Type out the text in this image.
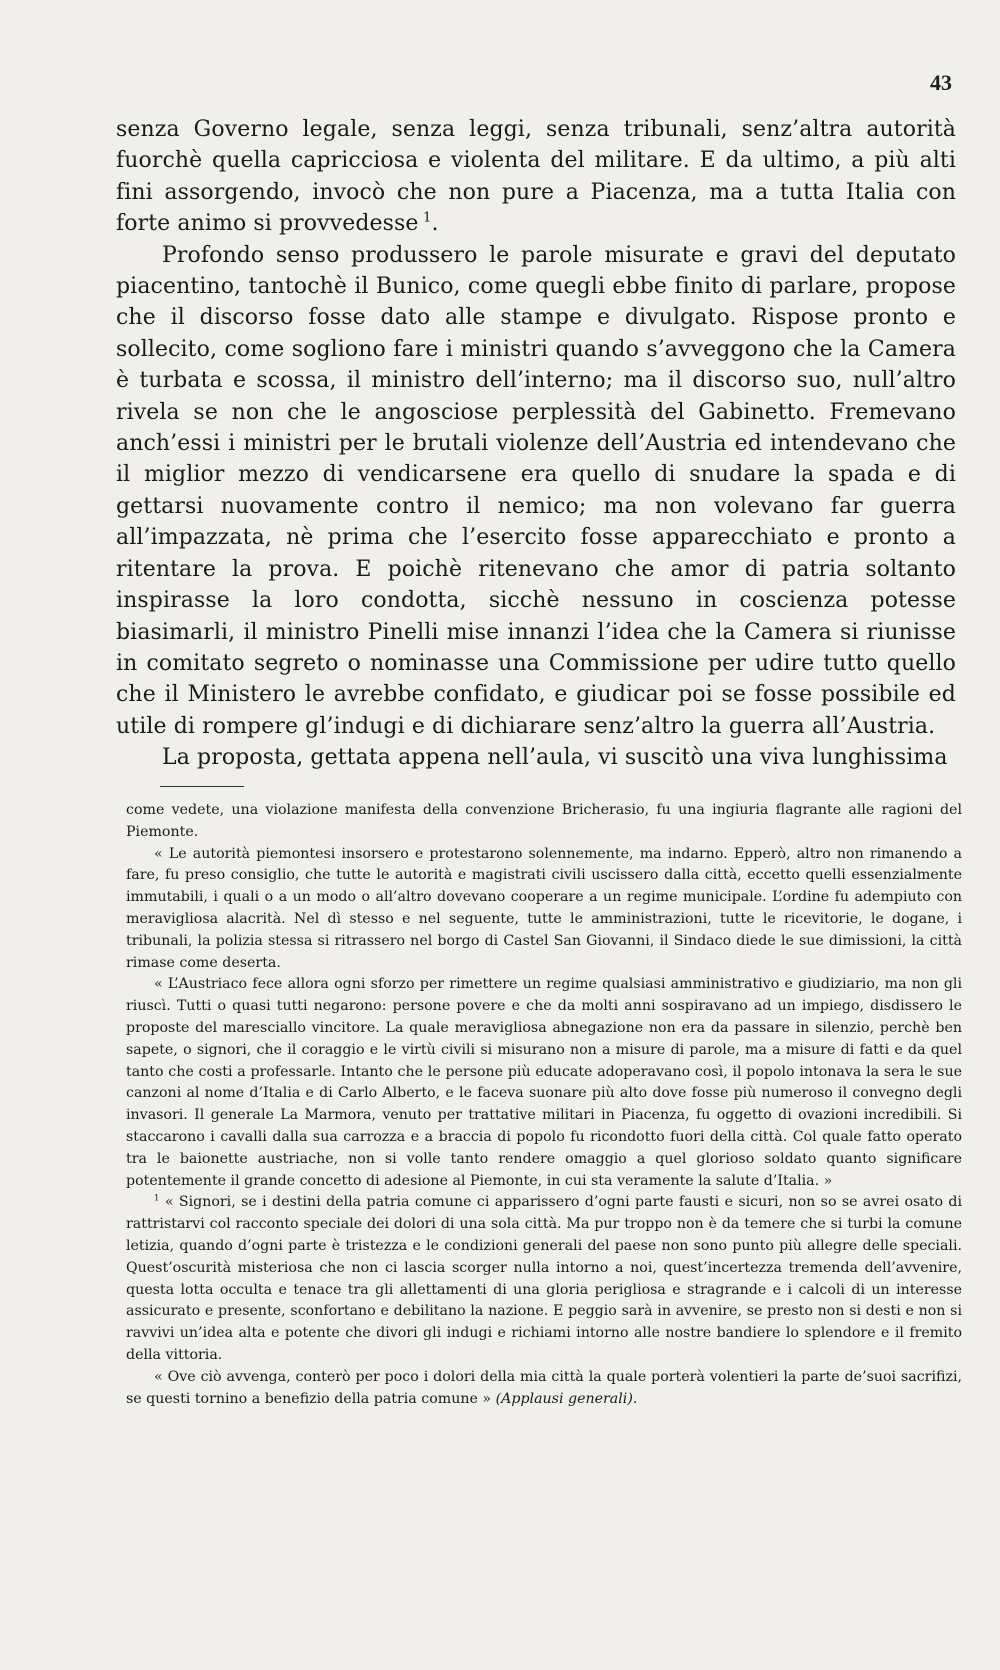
43

senza Governo legale, senza leggi, senza tribunali, senz’altra autorità fuorchè quella capricciosa e violenta del militare. E da ultimo, a più alti fini assorgendo, invocò che non pure a Piacenza, ma a tutta Italia con forte animo si provvedesse  $^1$.

Profondo senso produssero le parole misurate e gravi del deputato piacentino, tantochè il Bunico, come quegli ebbe finito di parlare, propose che il discorso fosse dato alle stampe e divulgato. Rispose pronto e sollecito, come sogliono fare i ministri quando s’avveggono che la Camera è turbata e scossa, il ministro dell’interno; ma il discorso suo, null’altro rivela se non che le angosciose perplessità del Gabinetto. Fremevano anch’essi i ministri per le brutali violenze dell’Austria ed intendevano che il miglior mezzo di vendicarsene era quello di snudare la spada e di gettarsi nuovamente contro il nemico; ma non volevano far guerra all’impazzata, nè prima che l’esercito fosse apparecchiato e pronto a ritentare la prova. E poichè ritenevano che amor di patria soltanto inspirasse la loro condotta, sicchè nessuno in coscienza potesse biasimarli, il ministro Pinelli mise innanzi l’idea che la Camera si riunisse in comitato segreto o nominasse una Commissione per udire tutto quello che il Ministero le avrebbe confidato, e giudicar poi se fosse possibile ed utile di rompere gl’indugi e di dichiarare senz’altro la guerra all’Austria.

La proposta, gettata appena nell’aula, vi suscitò una viva lunghissima

come vedete, una violazione manifesta della convenzione Bricherasio, fu una ingiuria flagrante alle ragioni del Piemonte.

« Le autorità piemontesi insorsero e protestarono solennemente, ma indarno. Epperò, altro non rimanendo a fare, fu preso consiglio, che tutte le autorità e magistrati civili uscissero dalla città, eccetto quelli essenzialmente immutabili, i quali o a un modo o all’altro dovevano cooperare a un regime municipale. L’ordine fu adempiuto con meravigliosa alacrità. Nel dì stesso e nel seguente, tutte le amministrazioni, tutte le ricevitorie, le dogane, i tribunali, la polizia stessa si ritrassero nel borgo di Castel San Giovanni, il Sindaco diede le sue dimissioni, la città rimase come deserta.

« L’Austriaco fece allora ogni sforzo per rimettere un regime qualsiasi amministrativo e giudiziario, ma non gli riuscì. Tutti o quasi tutti negarono: persone povere e che da molti anni sospiravano ad un impiego, disdissero le proposte del maresciallo vincitore. La quale meravigliosa abnegazione non era da passare in silenzio, perchè ben sapete, o signori, che il coraggio e le virtù civili si misurano non a misure di parole, ma a misure di fatti e da quel tanto che costi a professarle. Intanto che le persone più educate adoperavano così, il popolo intonava la sera le sue canzoni al nome d’Italia e di Carlo Alberto, e le faceva suonare più alto dove fosse più numeroso il convegno degli invasori. Il generale La Marmora, venuto per trattative militari in Piacenza, fu oggetto di ovazioni incredibili. Si staccarono i cavalli dalla sua carrozza e a braccia di popolo fu ricondotto fuori della città. Col quale fatto operato tra le baionette austriache, non si volle tanto rendere omaggio a quel glorioso soldato quanto significare potentemente il grande concetto di adesione al Piemonte, in cui sta veramente la salute d’Italia. »

$^1$ « Signori, se i destini della patria comune ci apparissero d’ogni parte fausti e sicuri, non so se avrei osato di rattristarvi col racconto speciale dei dolori di una sola città. Ma pur troppo non è da temere che si turbi la comune letizia, quando d’ogni parte è tristezza e le condizioni generali del paese non sono punto più allegre delle speciali. Quest’oscurità misteriosa che non ci lascia scorger nulla intorno a noi, quest’incertezza tremenda dell’avvenire, questa lotta occulta e tenace tra gli allettamenti di una gloria perigliosa e stragrande e i calcoli di un interesse assicurato e presente, sconfortano e debilitano la nazione. E peggio sarà in avvenire, se presto non si desti e non si ravvivi un’idea alta e potente che divori gli indugi e richiami intorno alle nostre bandiere lo splendore e il fremito della vittoria.

« Ove ciò avvenga, conterò per poco i dolori della mia città la quale porterà volentieri la parte de’suoi sacrifizi, se questi tornino a benefizio della patria comune » (Applausi generali).
